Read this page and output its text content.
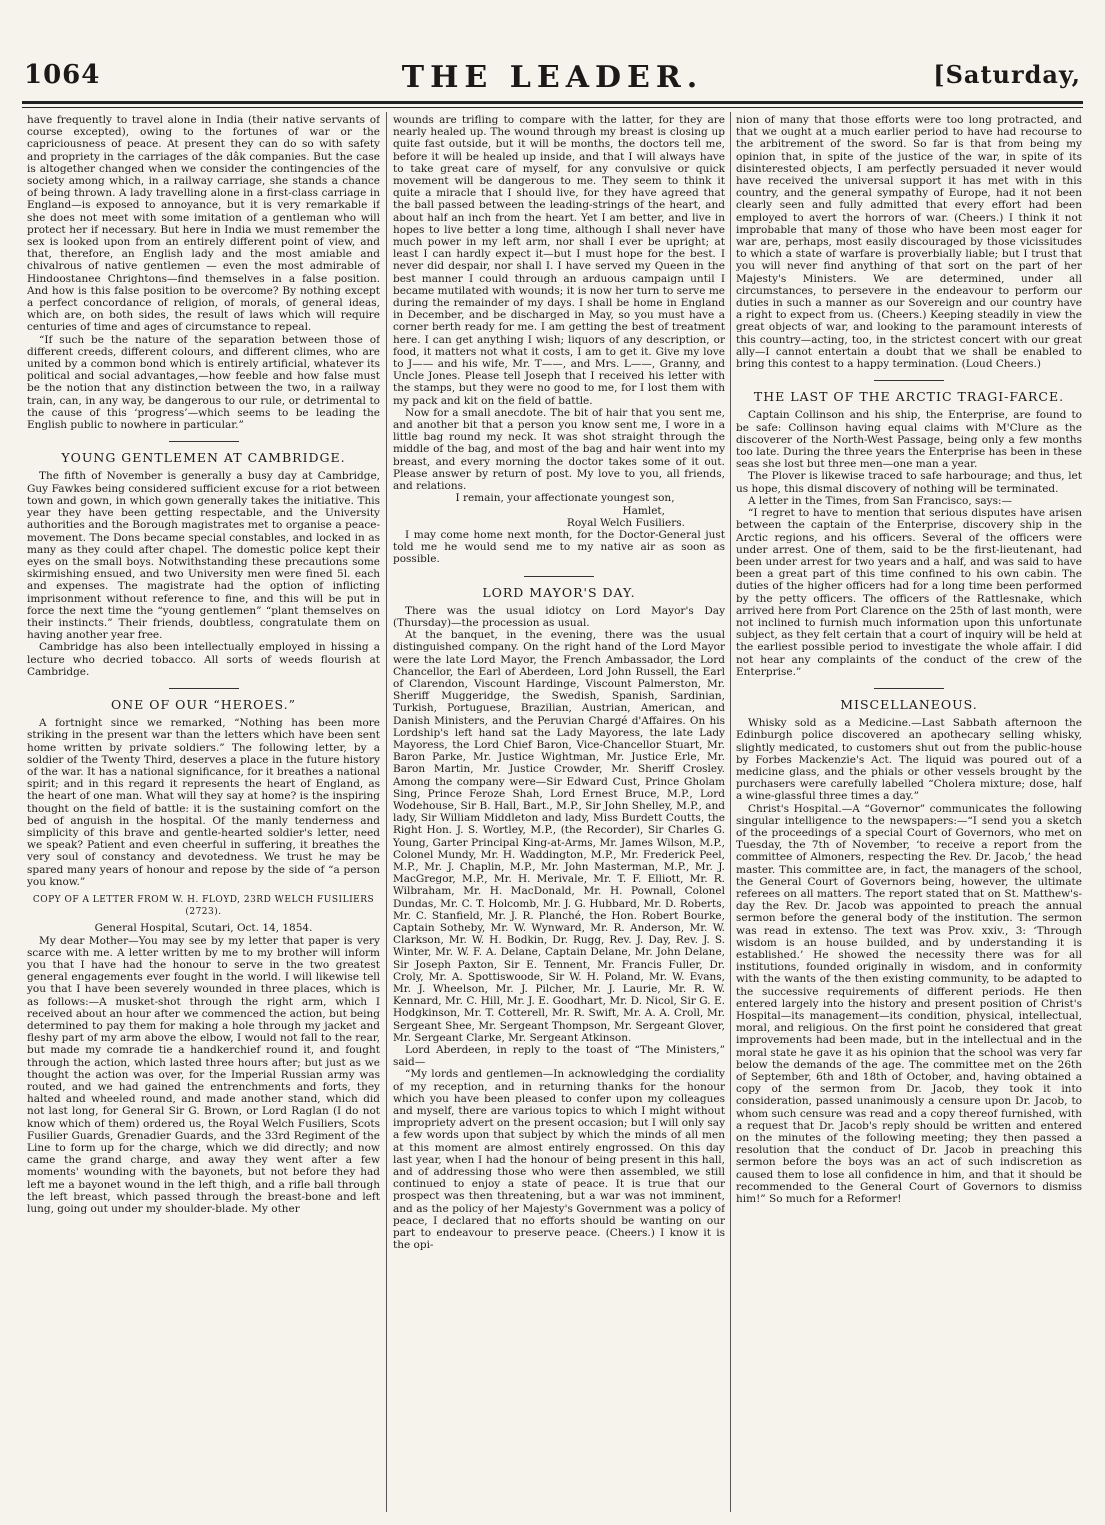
1064	THE LEADER.	[Saturday,

have frequently to travel alone in India (their native servants of course excepted), owing to the fortunes of war or the capriciousness of peace. At present they can do so with safety and propriety in the carriages of the dâk companies. But the case is altogether changed when we consider the contingencies of the society among which, in a railway carriage, she stands a chance of being thrown. A lady travelling alone in a first-class carriage in England—is exposed to annoyance, but it is very remarkable if she does not meet with some imitation of a gentleman who will protect her if necessary. But here in India we must remember the sex is looked upon from an entirely different point of view, and that, therefore, an English lady and the most amiable and chivalrous of native gentlemen — even the most admirable of Hindoostanee Chrightons—find themselves in a false position. And how is this false position to be overcome? By nothing except a perfect concordance of religion, of morals, of general ideas, which are, on both sides, the result of laws which will require centuries of time and ages of circumstance to repeal.

“If such be the nature of the separation between those of different creeds, different colours, and different climes, who are united by a common bond which is entirely artificial, whatever its political and social advantages,—how feeble and how false must be the notion that any distinction between the two, in a railway train, can, in any way, be dangerous to our rule, or detrimental to the cause of this ‘progress’—which seems to be leading the English public to nowhere in particular.”

YOUNG GENTLEMEN AT CAMBRIDGE.

The fifth of November is generally a busy day at Cambridge, Guy Fawkes being considered sufficient excuse for a riot between town and gown, in which gown generally takes the initiative. This year they have been getting respectable, and the University authorities and the Borough magistrates met to organise a peace-movement. The Dons became special constables, and locked in as many as they could after chapel. The domestic police kept their eyes on the small boys. Notwithstanding these precautions some skirmishing ensued, and two University men were fined 5l. each and expenses. The magistrate had the option of inflicting imprisonment without reference to fine, and this will be put in force the next time the “young gentlemen” “plant themselves on their instincts.” Their friends, doubtless, congratulate them on having another year free.

Cambridge has also been intellectually employed in hissing a lecture who decried tobacco. All sorts of weeds flourish at Cambridge.

ONE OF OUR “HEROES.”

A fortnight since we remarked, “Nothing has been more striking in the present war than the letters which have been sent home written by private soldiers.” The following letter, by a soldier of the Twenty Third, deserves a place in the future history of the war. It has a national significance, for it breathes a national spirit; and in this regard it represents the heart of England, as the heart of one man. What will they say at home? is the inspiring thought on the field of battle: it is the sustaining comfort on the bed of anguish in the hospital. Of the manly tenderness and simplicity of this brave and gentle-hearted soldier's letter, need we speak? Patient and even cheerful in suffering, it breathes the very soul of constancy and devotedness. We trust he may be spared many years of honour and repose by the side of “a person you know.”

COPY OF A LETTER FROM W. H. FLOYD, 23RD WELCH FUSILIERS (2723).

General Hospital, Scutari, Oct. 14, 1854.

My dear Mother—You may see by my letter that paper is very scarce with me. A letter written by me to my brother will inform you that I have had the honour to serve in the two greatest general engagements ever fought in the world. I will likewise tell you that I have been severely wounded in three places, which is as follows:—A musket-shot through the right arm, which I received about an hour after we commenced the action, but being determined to pay them for making a hole through my jacket and fleshy part of my arm above the elbow, I would not fall to the rear, but made my comrade tie a handkerchief round it, and fought through the action, which lasted three hours after; but just as we thought the action was over, for the Imperial Russian army was routed, and we had gained the entrenchments and forts, they halted and wheeled round, and made another stand, which did not last long, for General Sir G. Brown, or Lord Raglan (I do not know which of them) ordered us, the Royal Welch Fusiliers, Scots Fusilier Guards, Grenadier Guards, and the 33rd Regiment of the Line to form up for the charge, which we did directly; and now came the grand charge, and away they went after a few moments' wounding with the bayonets, but not before they had left me a bayonet wound in the left thigh, and a rifle ball through the left breast, which passed through the breast-bone and left lung, going out under my shoulder-blade. My other

wounds are trifling to compare with the latter, for they are nearly healed up. The wound through my breast is closing up quite fast outside, but it will be months, the doctors tell me, before it will be healed up inside, and that I will always have to take great care of myself, for any convulsive or quick movement will be dangerous to me. They seem to think it quite a miracle that I should live, for they have agreed that the ball passed between the leading-strings of the heart, and about half an inch from the heart. Yet I am better, and live in hopes to live better a long time, although I shall never have much power in my left arm, nor shall I ever be upright; at least I can hardly expect it—but I must hope for the best. I never did despair, nor shall I. I have served my Queen in the best manner I could through an arduous campaign until I became mutilated with wounds; it is now her turn to serve me during the remainder of my days. I shall be home in England in December, and be discharged in May, so you must have a corner berth ready for me. I am getting the best of treatment here. I can get anything I wish; liquors of any description, or food, it matters not what it costs, I am to get it. Give my love to J—— and his wife, Mr. T——, and Mrs. L——, Granny, and Uncle Jones. Please tell Joseph that I received his letter with the stamps, but they were no good to me, for I lost them with my pack and kit on the field of battle.

Now for a small anecdote. The bit of hair that you sent me, and another bit that a person you know sent me, I wore in a little bag round my neck. It was shot straight through the middle of the bag, and most of the bag and hair went into my breast, and every morning the doctor takes some of it out. Please answer by return of post. My love to you, all friends, and relations.

I remain, your affectionate youngest son,

Hamlet,

Royal Welch Fusiliers.

I may come home next month, for the Doctor-General just told me he would send me to my native air as soon as possible.

LORD MAYOR'S DAY.

There was the usual idiotcy on Lord Mayor's Day (Thursday)—the procession as usual.

At the banquet, in the evening, there was the usual distinguished company. On the right hand of the Lord Mayor were the late Lord Mayor, the French Ambassador, the Lord Chancellor, the Earl of Aberdeen, Lord John Russell, the Earl of Clarendon, Viscount Hardinge, Viscount Palmerston, Mr. Sheriff Muggeridge, the Swedish, Spanish, Sardinian, Turkish, Portuguese, Brazilian, Austrian, American, and Danish Ministers, and the Peruvian Chargé d'Affaires. On his Lordship's left hand sat the Lady Mayoress, the late Lady Mayoress, the Lord Chief Baron, Vice-Chancellor Stuart, Mr. Baron Parke, Mr. Justice Wightman, Mr. Justice Erle, Mr. Baron Martin, Mr. Justice Crowder, Mr. Sheriff Crosley. Among the company were—Sir Edward Cust, Prince Gholam Sing, Prince Feroze Shah, Lord Ernest Bruce, M.P., Lord Wodehouse, Sir B. Hall, Bart., M.P., Sir John Shelley, M.P., and lady, Sir William Middleton and lady, Miss Burdett Coutts, the Right Hon. J. S. Wortley, M.P., (the Recorder), Sir Charles G. Young, Garter Principal King-at-Arms, Mr. James Wilson, M.P., Colonel Mundy, Mr. H. Waddington, M.P., Mr. Frederick Peel, M.P., Mr. J. Chaplin, M.P., Mr. John Masterman, M.P., Mr. J. MacGregor, M.P., Mr. H. Merivale, Mr. T. F. Elliott, Mr. R. Wilbraham, Mr. H. MacDonald, Mr. H. Pownall, Colonel Dundas, Mr. C. T. Holcomb, Mr. J. G. Hubbard, Mr. D. Roberts, Mr. C. Stanfield, Mr. J. R. Planché, the Hon. Robert Bourke, Captain Sotheby, Mr. W. Wynward, Mr. R. Anderson, Mr. W. Clarkson, Mr. W. H. Bodkin, Dr. Rugg, Rev. J. Day, Rev. J. S. Winter, Mr. W. F. A. Delane, Captain Delane, Mr. John Delane, Sir Joseph Paxton, Sir E. Tennent, Mr. Francis Fuller, Dr. Croly, Mr. A. Spottiswoode, Sir W. H. Poland, Mr. W. Evans, Mr. J. Wheelson, Mr. J. Pilcher, Mr. J. Laurie, Mr. R. W. Kennard, Mr. C. Hill, Mr. J. E. Goodhart, Mr. D. Nicol, Sir G. E. Hodgkinson, Mr. T. Cotterell, Mr. R. Swift, Mr. A. A. Croll, Mr. Sergeant Shee, Mr. Sergeant Thompson, Mr. Sergeant Glover, Mr. Sergeant Clarke, Mr. Sergeant Atkinson.

Lord Aberdeen, in reply to the toast of “The Ministers,” said—

“My lords and gentlemen—In acknowledging the cordiality of my reception, and in returning thanks for the honour which you have been pleased to confer upon my colleagues and myself, there are various topics to which I might without impropriety advert on the present occasion; but I will only say a few words upon that subject by which the minds of all men at this moment are almost entirely engrossed. On this day last year, when I had the honour of being present in this hall, and of addressing those who were then assembled, we still continued to enjoy a state of peace. It is true that our prospect was then threatening, but a war was not imminent, and as the policy of her Majesty's Government was a policy of peace, I declared that no efforts should be wanting on our part to endeavour to preserve peace. (Cheers.) I know it is the opi-

nion of many that those efforts were too long protracted, and that we ought at a much earlier period to have had recourse to the arbitrement of the sword. So far is that from being my opinion that, in spite of the justice of the war, in spite of its disinterested objects, I am perfectly persuaded it never would have received the universal support it has met with in this country, and the general sympathy of Europe, had it not been clearly seen and fully admitted that every effort had been employed to avert the horrors of war. (Cheers.) I think it not improbable that many of those who have been most eager for war are, perhaps, most easily discouraged by those vicissitudes to which a state of warfare is proverbially liable; but I trust that you will never find anything of that sort on the part of her Majesty's Ministers. We are determined, under all circumstances, to persevere in the endeavour to perform our duties in such a manner as our Sovereign and our country have a right to expect from us. (Cheers.) Keeping steadily in view the great objects of war, and looking to the paramount interests of this country—acting, too, in the strictest concert with our great ally—I cannot entertain a doubt that we shall be enabled to bring this contest to a happy termination. (Loud Cheers.)

THE LAST OF THE ARCTIC TRAGI-FARCE.

Captain Collinson and his ship, the Enterprise, are found to be safe: Collinson having equal claims with M'Clure as the discoverer of the North-West Passage, being only a few months too late. During the three years the Enterprise has been in these seas she lost but three men—one man a year.

The Plover is likewise traced to safe harbourage; and thus, let us hope, this dismal discovery of nothing will be terminated.

A letter in the Times, from San Francisco, says:—

“I regret to have to mention that serious disputes have arisen between the captain of the Enterprise, discovery ship in the Arctic regions, and his officers. Several of the officers were under arrest. One of them, said to be the first-lieutenant, had been under arrest for two years and a half, and was said to have been a great part of this time confined to his own cabin. The duties of the higher officers had for a long time been performed by the petty officers. The officers of the Rattlesnake, which arrived here from Port Clarence on the 25th of last month, were not inclined to furnish much information upon this unfortunate subject, as they felt certain that a court of inquiry will be held at the earliest possible period to investigate the whole affair. I did not hear any complaints of the conduct of the crew of the Enterprise.”

MISCELLANEOUS.

Whisky sold as a Medicine.—Last Sabbath afternoon the Edinburgh police discovered an apothecary selling whisky, slightly medicated, to customers shut out from the public-house by Forbes Mackenzie's Act. The liquid was poured out of a medicine glass, and the phials or other vessels brought by the purchasers were carefully labelled “Cholera mixture; dose, half a wine-glassful three times a day.”

Christ's Hospital.—A “Governor” communicates the following singular intelligence to the newspapers:—“I send you a sketch of the proceedings of a special Court of Governors, who met on Tuesday, the 7th of November, ‘to receive a report from the committee of Almoners, respecting the Rev. Dr. Jacob,’ the head master. This committee are, in fact, the managers of the school, the General Court of Governors being, however, the ultimate referees on all matters. The report stated that on St. Matthew's-day the Rev. Dr. Jacob was appointed to preach the annual sermon before the general body of the institution. The sermon was read in extenso. The text was Prov. xxiv., 3: ‘Through wisdom is an house builded, and by understanding it is established.’ He showed the necessity there was for all institutions, founded originally in wisdom, and in conformity with the wants of the then existing community, to be adapted to the successive requirements of different periods. He then entered largely into the history and present position of Christ's Hospital—its management—its condition, physical, intellectual, moral, and religious. On the first point he considered that great improvements had been made, but in the intellectual and in the moral state he gave it as his opinion that the school was very far below the demands of the age. The committee met on the 26th of September, 6th and 18th of October, and, having obtained a copy of the sermon from Dr. Jacob, they took it into consideration, passed unanimously a censure upon Dr. Jacob, to whom such censure was read and a copy thereof furnished, with a request that Dr. Jacob's reply should be written and entered on the minutes of the following meeting; they then passed a resolution that the conduct of Dr. Jacob in preaching this sermon before the boys was an act of such indiscretion as caused them to lose all confidence in him, and that it should be recommended to the General Court of Governors to dismiss him!” So much for a Reformer!
